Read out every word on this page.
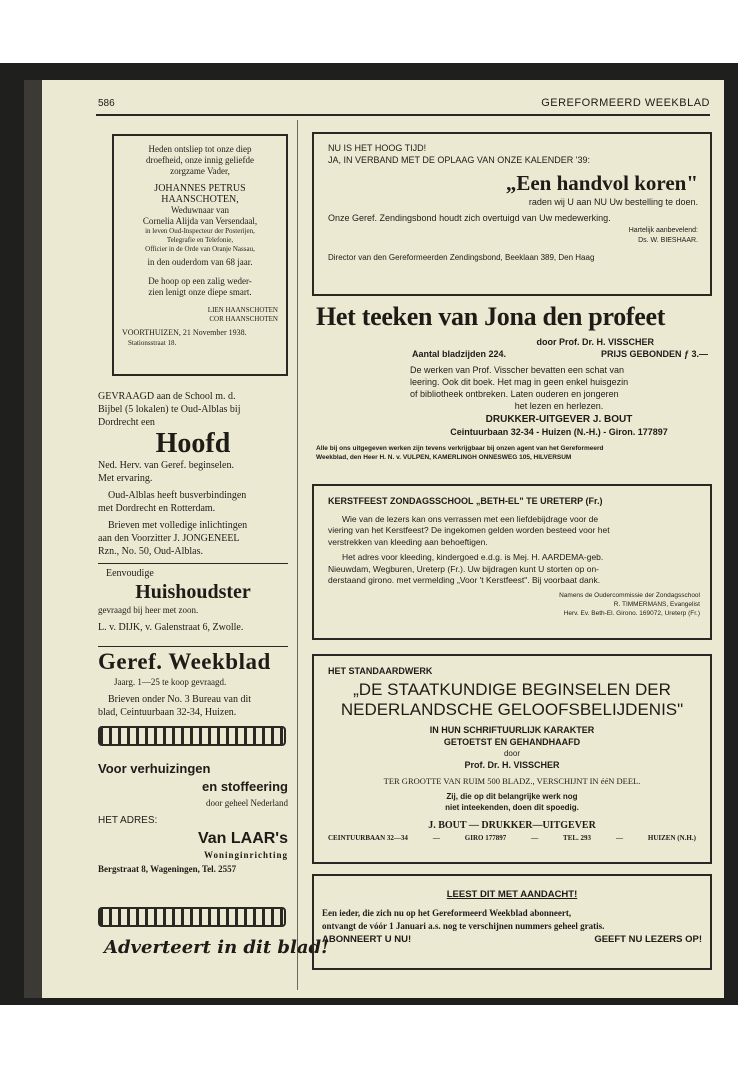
586	GEREFORMEERD WEEKBLAD
Heden ontsliep tot onze diep
droefheid, onze innig geliefde
zorgzame Vader,
JOHANNES PETRUS
HAANSCHOTEN,
Weduwnaar van
Cornelia Alijda van Versendaal,
in leven Oud-Inspecteur der Posterijen,
Telegrafie en Telefonie,
Officier in de Orde van Oranje Nassau,
in den ouderdom van 68 jaar.
De hoop op een zalig weder-
zien lenigt onze diepe smart.
LIEN HAANSCHOTEN
COR HAANSCHOTEN
VOORTHUIZEN, 21 November 1938.
Stationsstraat 18.
GEVRAAGD aan de School m. d.
Bijbel (5 lokalen) te Oud-Alblas bij
Dordrecht een
Hoofd
Ned. Herv. van Geref. beginselen.
Met ervaring.
Oud-Alblas heeft busverbindingen
met Dordrecht en Rotterdam.
Brieven met volledige inlichtingen
aan den Voorzitter J. JONGENEEL
Rzn., No. 50, Oud-Alblas.
Eenvoudige
Huishoudster
gevraagd bij heer met zoon.
L. v. DIJK, v. Galenstraat 6, Zwolle.
Geref. Weekblad
Jaarg. 1—25 te koop gevraagd.
Brieven onder No. 3 Bureau van dit
blad, Ceintuurbaan 32-34, Huizen.
Voor verhuizingen
en stoffeering
door geheel Nederland
HET ADRES:
Van LAAR's
Woninginrichting
Bergstraat 8, Wageningen, Tel. 2557
Adverteert in dit blad!
NU IS HET HOOG TIJD!
JA, IN VERBAND MET DE OPLAAG VAN ONZE KALENDER '39:
„Een handvol koren"
raden wij U aan NU Uw bestelling te doen.
Onze Geref. Zendingsbond houdt zich overtuigd van Uw medewerking.
Hartelijk aanbevelend:
Ds. W. BIESHAAR.
Director van den Gereformeerden Zendingsbond, Beeklaan 389, Den Haag
Het teeken van Jona den profeet
door Prof. Dr. H. VISSCHER
Aantal bladzijden 224.	PRIJS GEBONDEN ƒ 3.—
De werken van Prof. Visscher bevatten een schat van
leering. Ook dit boek. Het mag in geen enkel huisgezin
of bibliotheek ontbreken. Laten ouderen en jongeren
het lezen en herlezen.
DRUKKER-UITGEVER J. BOUT
Ceintuurbaan 32-34 - Huizen (N.-H.) - Giron. 177897
Alle bij ons uitgegeven werken zijn tevens verkrijgbaar bij onzen agent van het Gereformeerd
Weekblad, den Heer H. N. v. VULPEN, KAMERLINGH ONNESWEG 105, HILVERSUM
KERSTFEEST ZONDAGSSCHOOL „BETH-EL" TE URETERP (Fr.)
Wie van de lezers kan ons verrassen met een liefdebijdrage voor de
viering van het Kerstfeest? De ingekomen gelden worden besteed voor het
verstrekken van kleeding aan behoeftigen.
Het adres voor kleeding, kindergoed e.d.g. is Mej. H. AARDEMA-geb.
Nieuwdam, Wegburen, Ureterp (Fr.). Uw bijdragen kunt U storten op on-
derstaand girono. met vermelding „Voor 't Kerstfeest". Bij voorbaat dank.
Namens de Oudercommissie der Zondagsschool
R. TIMMERMANS, Evangelist
Herv. Ev. Beth-El. Girono. 169072, Ureterp (Fr.)
HET STANDAARDWERK
„DE STAATKUNDIGE BEGINSELEN DER
NEDERLANDSCHE GELOOFSBELIJDENIS"
IN HUN SCHRIFTUURLIJK KARAKTER
GETOETST EN GEHANDHAAFD
door
Prof. Dr. H. VISSCHER
TER GROOTTE VAN RUIM 500 BLADZ., VERSCHIJNT IN ééN DEEL.
Zij, die op dit belangrijke werk nog
niet inteekenden, doen dit spoedig.
J. BOUT — DRUKKER—UITGEVER
CEINTUURBAAN 32—34	—	GIRO 177897	—	TEL. 293	—	HUIZEN (N.H.)
LEEST DIT MET AANDACHT!
Een ieder, die zich nu op het Gereformeerd Weekblad abonneert,
ontvangt de vóór 1 Januari a.s. nog te verschijnen nummers geheel gratis.
ABONNEERT U NU!	GEEFT NU LEZERS OP!
